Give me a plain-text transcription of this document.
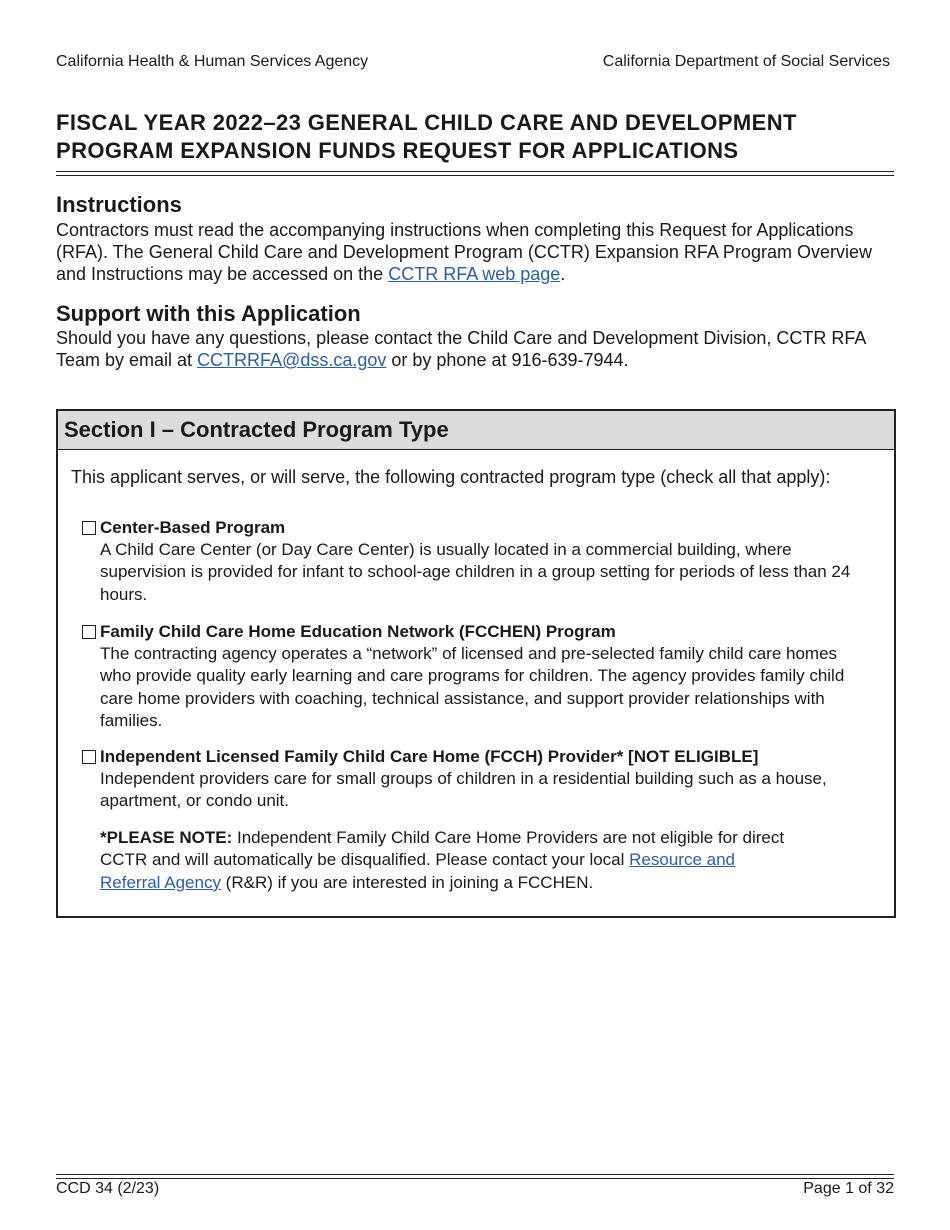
California Health & Human Services Agency	California Department of Social Services
FISCAL YEAR 2022–23 GENERAL CHILD CARE AND DEVELOPMENT
PROGRAM EXPANSION FUNDS REQUEST FOR APPLICATIONS
Instructions
Contractors must read the accompanying instructions when completing this Request for Applications (RFA). The General Child Care and Development Program (CCTR) Expansion RFA Program Overview and Instructions may be accessed on the CCTR RFA web page.
Support with this Application
Should you have any questions, please contact the Child Care and Development Division, CCTR RFA Team by email at CCTRRFA@dss.ca.gov or by phone at 916-639-7944.
Section I – Contracted Program Type
This applicant serves, or will serve, the following contracted program type (check all that apply):
Center-Based Program
A Child Care Center (or Day Care Center) is usually located in a commercial building, where supervision is provided for infant to school-age children in a group setting for periods of less than 24 hours.
Family Child Care Home Education Network (FCCHEN) Program
The contracting agency operates a “network” of licensed and pre-selected family child care homes who provide quality early learning and care programs for children. The agency provides family child care home providers with coaching, technical assistance, and support provider relationships with families.
Independent Licensed Family Child Care Home (FCCH) Provider* [NOT ELIGIBLE]
Independent providers care for small groups of children in a residential building such as a house, apartment, or condo unit.
*PLEASE NOTE: Independent Family Child Care Home Providers are not eligible for direct CCTR and will automatically be disqualified. Please contact your local Resource and Referral Agency (R&R) if you are interested in joining a FCCHEN.
CCD 34 (2/23)	Page 1 of 32
